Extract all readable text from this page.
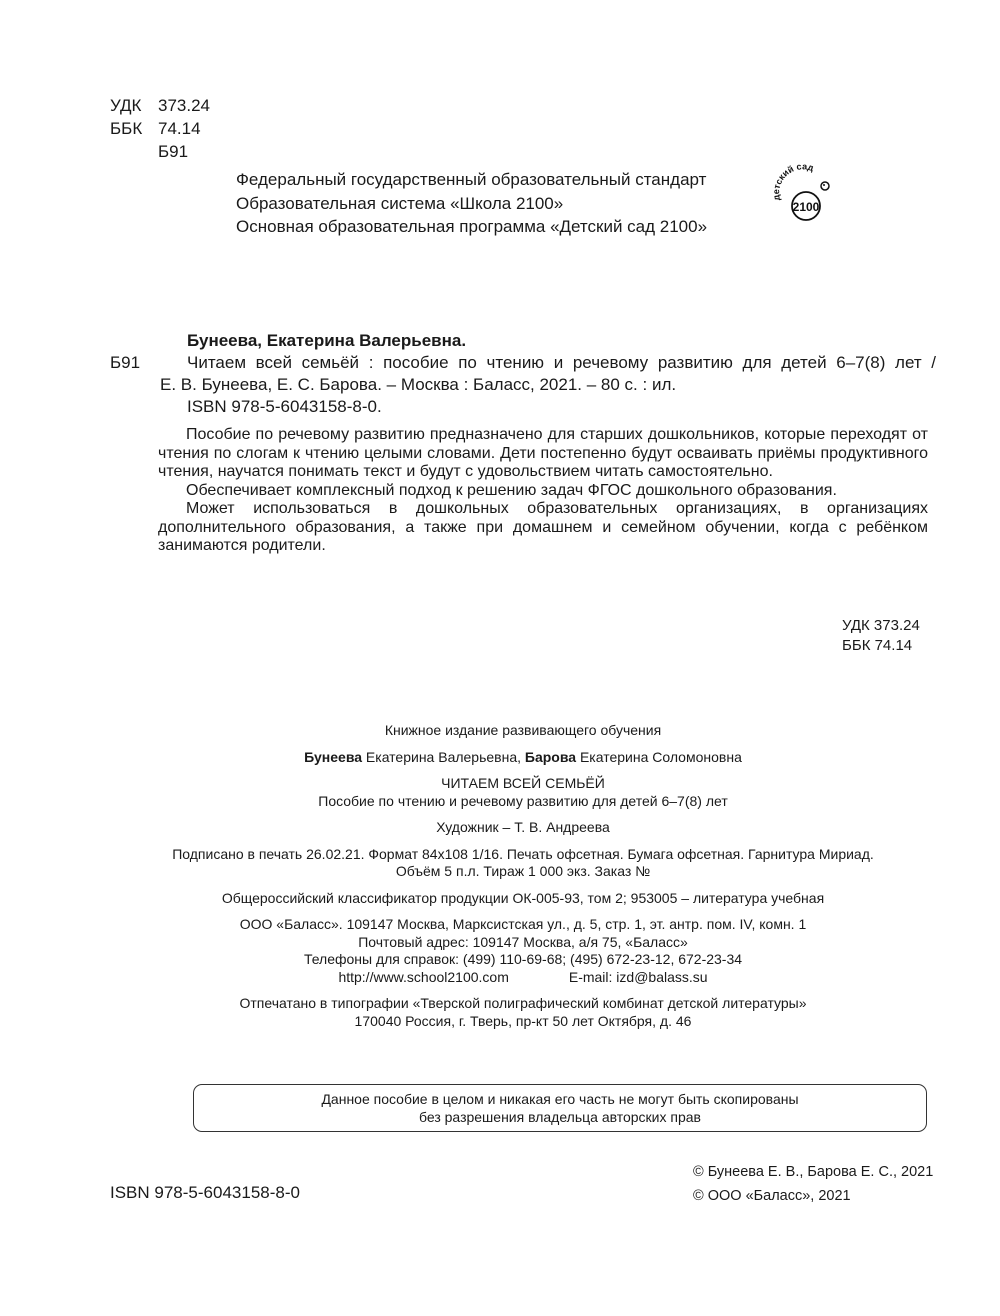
УДК 373.24
ББК 74.14
Б91
Федеральный государственный образовательный стандарт
Образовательная система «Школа 2100»
Основная образовательная программа «Детский сад 2100»
детский сад
2100
Бунеева, Екатерина Валерьевна.
Б91	Читаем всей семьёй : пособие по чтению и речевому развитию для детей 6–7(8) лет /
Е. В. Бунеева, Е. С. Барова. – Москва : Баласс, 2021. – 80 с. : ил.
ISBN 978-5-6043158-8-0.

Пособие по речевому развитию предназначено для старших дошкольников, которые переходят от чтения по слогам к чтению целыми словами. Дети постепенно будут осваивать приёмы продуктивного чтения, научатся понимать текст и будут с удовольствием читать самостоятельно.

Обеспечивает комплексный подход к решению задач ФГОС дошкольного образования.

Может использоваться в дошкольных образовательных организациях, в организациях дополнительного образования, а также при домашнем и семейном обучении, когда с ребёнком занимаются родители.

УДК 373.24
ББК 74.14
Книжное издание развивающего обучения
Бунеева Екатерина Валерьевна, Барова Екатерина Соломоновна
ЧИТАЕМ ВСЕЙ СЕМЬЁЙ
Пособие по чтению и речевому развитию для детей 6–7(8) лет
Художник – Т. В. Андреева
Подписано в печать 26.02.21. Формат 84х108 1/16. Печать офсетная. Бумага офсетная. Гарнитура Мириад.
Объём 5 п.л. Тираж 1 000 экз. Заказ №
Общероссийский классификатор продукции ОК-005-93, том 2; 953005 – литература учебная
ООО «Баласс». 109147 Москва, Марксистская ул., д. 5, стр. 1, эт. антр. пом. IV, комн. 1
Почтовый адрес: 109147 Москва, а/я 75, «Баласс»
Телефоны для справок: (499) 110-69-68; (495) 672-23-12, 672-23-34
http://www.school2100.com	E-mail: izd@balass.su
Отпечатано в типографии «Тверской полиграфический комбинат детской литературы»
170040 Россия, г. Тверь, пр-кт 50 лет Октября, д. 46
Данное пособие в целом и никакая его часть не могут быть скопированы
без разрешения владельца авторских прав
ISBN 978-5-6043158-8-0
© Бунеева Е. В., Барова Е. С., 2021
© ООО «Баласс», 2021
